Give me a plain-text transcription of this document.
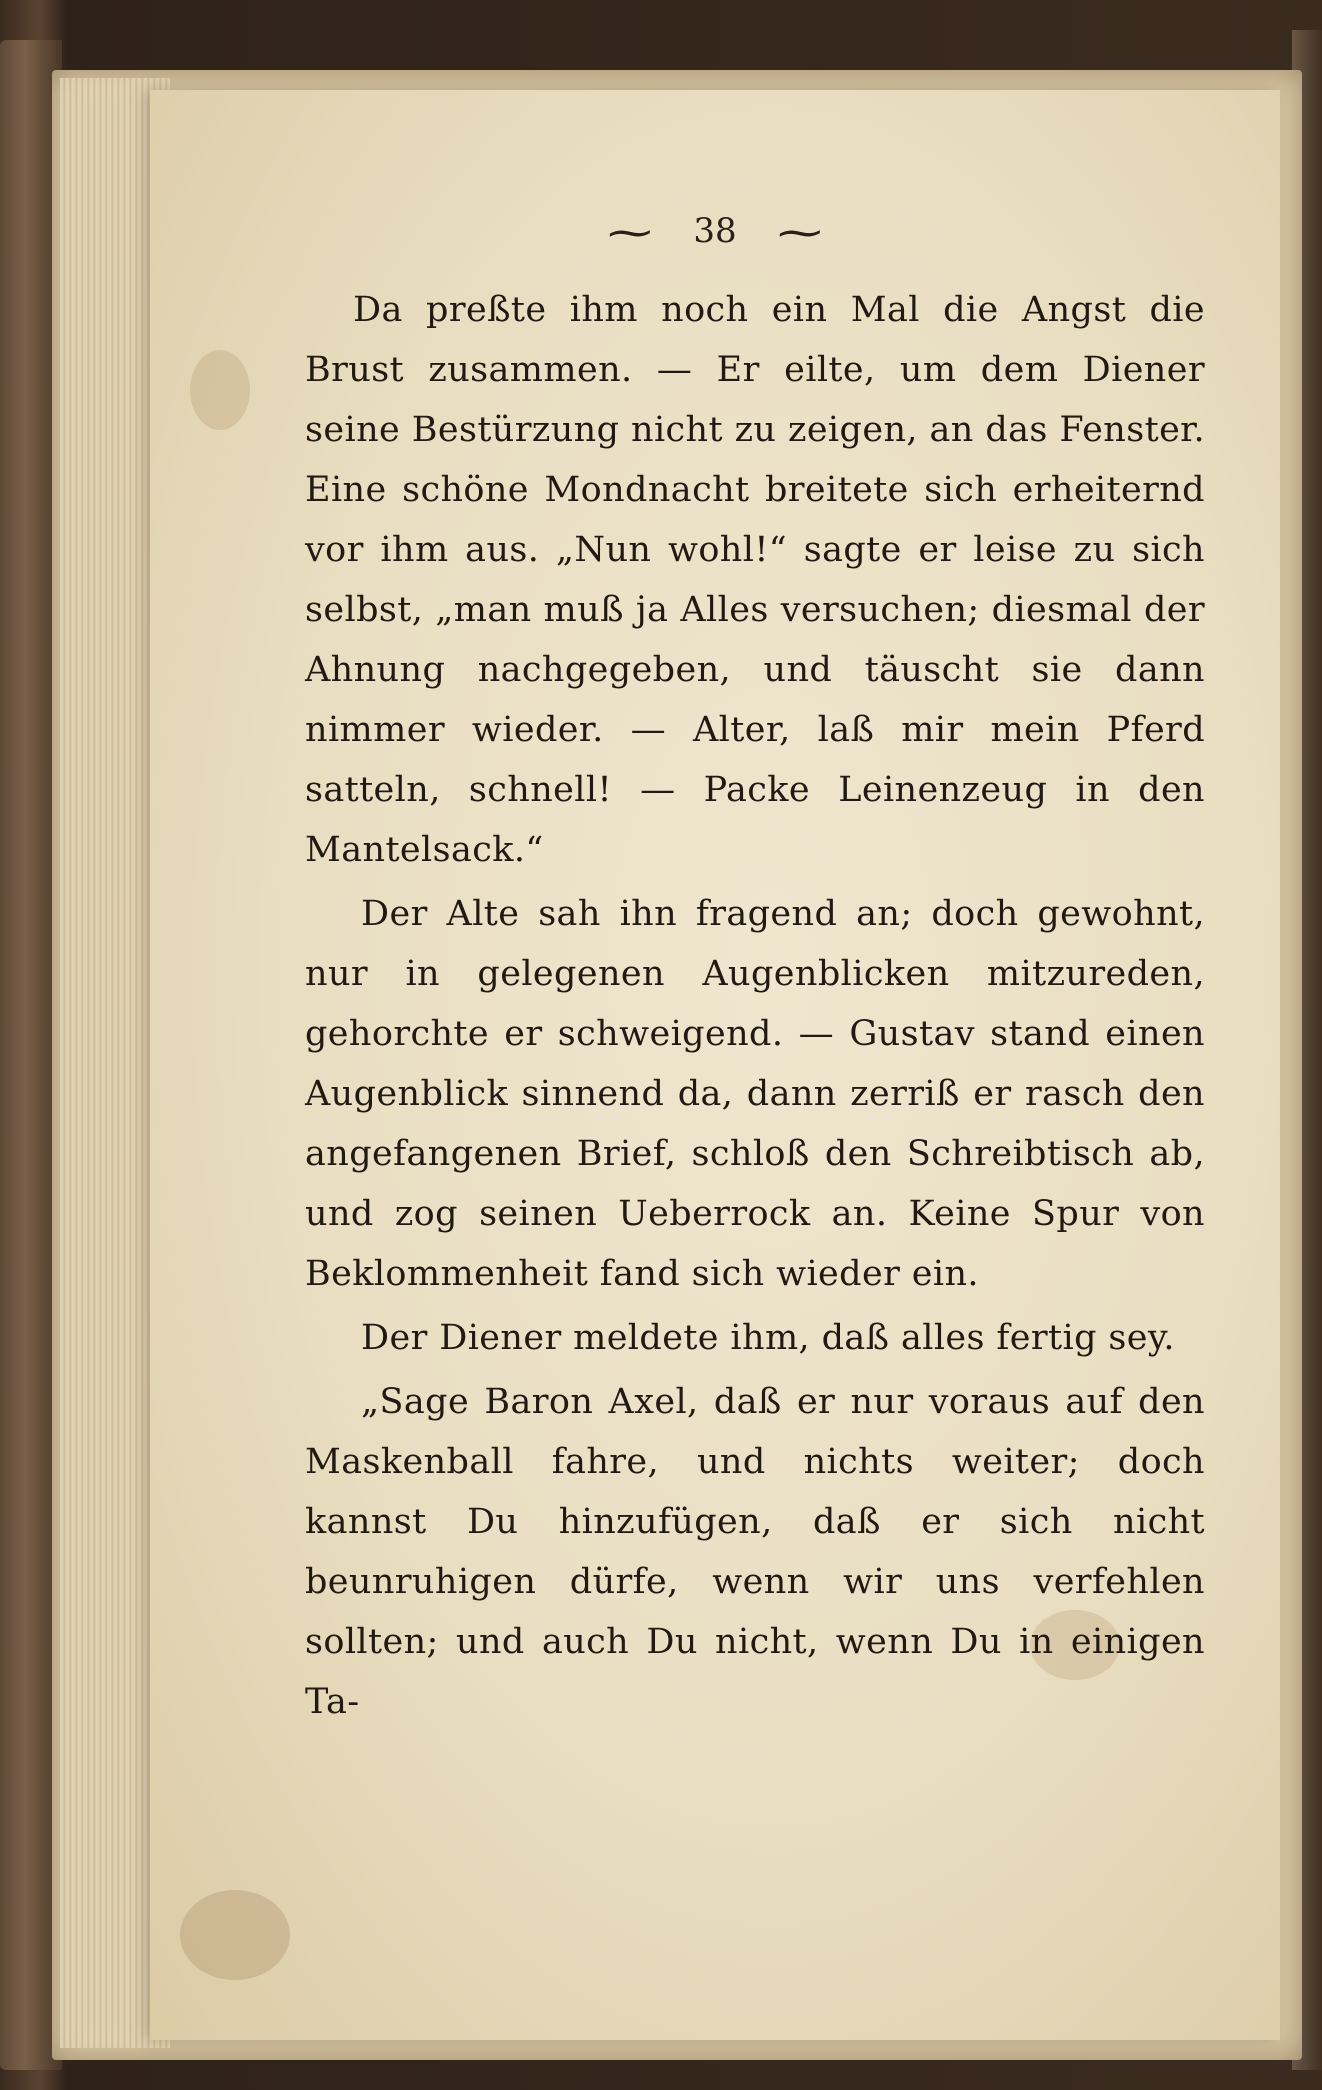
~ 38 ~

Da preßte ihm noch ein Mal die Angst die Brust zusammen. — Er eilte, um dem Diener seine Bestürzung nicht zu zeigen, an das Fenster. Eine schöne Mondnacht breitete sich erheiternd vor ihm aus. „Nun wohl!“ sagte er leise zu sich selbst, „man muß ja Alles versuchen; diesmal der Ahnung nachgegeben, und täuscht sie dann nimmer wieder. — Alter, laß mir mein Pferd satteln, schnell! — Packe Leinenzeug in den Mantelsack.“

Der Alte sah ihn fragend an; doch gewohnt, nur in gelegenen Augenblicken mitzureden, gehorchte er schweigend. — Gustav stand einen Augenblick sinnend da, dann zerriß er rasch den angefangenen Brief, schloß den Schreibtisch ab, und zog seinen Ueberrock an. Keine Spur von Beklommenheit fand sich wieder ein.

Der Diener meldete ihm, daß alles fertig sey.

„Sage Baron Axel, daß er nur voraus auf den Maskenball fahre, und nichts weiter; doch kannst Du hinzufügen, daß er sich nicht beunruhigen dürfe, wenn wir uns verfehlen sollten; und auch Du nicht, wenn Du in einigen Ta-
